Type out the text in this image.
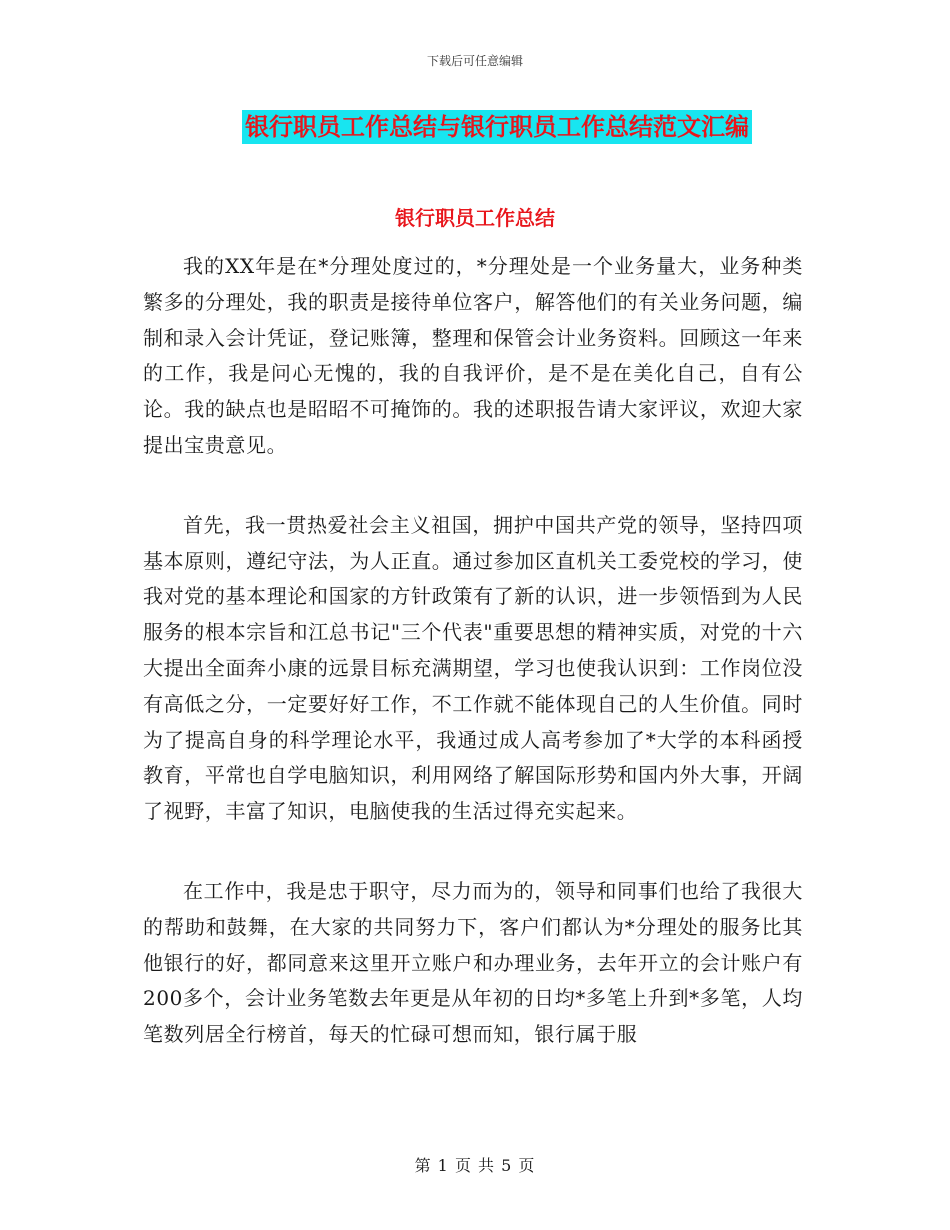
下载后可任意编辑
银行职员工作总结与银行职员工作总结范文汇编
银行职员工作总结

我的XX年是在*分理处度过的，*分理处是一个业务量大，业务种类繁多的分理处，我的职责是接待单位客户，解答他们的有关业务问题，编制和录入会计凭证，登记账簿，整理和保管会计业务资料。回顾这一年来的工作，我是问心无愧的，我的自我评价，是不是在美化自己，自有公论。我的缺点也是昭昭不可掩饰的。我的述职报告请大家评议，欢迎大家提出宝贵意见。

首先，我一贯热爱社会主义祖国，拥护中国共产党的领导，坚持四项基本原则，遵纪守法，为人正直。通过参加区直机关工委党校的学习，使我对党的基本理论和国家的方针政策有了新的认识，进一步领悟到为人民服务的根本宗旨和江总书记"三个代表"重要思想的精神实质，对党的十六大提出全面奔小康的远景目标充满期望，学习也使我认识到：工作岗位没有高低之分，一定要好好工作，不工作就不能体现自己的人生价值。同时为了提高自身的科学理论水平，我通过成人高考参加了*大学的本科函授教育，平常也自学电脑知识，利用网络了解国际形势和国内外大事，开阔了视野，丰富了知识，电脑使我的生活过得充实起来。

在工作中，我是忠于职守，尽力而为的，领导和同事们也给了我很大的帮助和鼓舞，在大家的共同努力下，客户们都认为*分理处的服务比其他银行的好，都同意来这里开立账户和办理业务，去年开立的会计账户有200多个，会计业务笔数去年更是从年初的日均*多笔上升到*多笔，人均笔数列居全行榜首，每天的忙碌可想而知，银行属于服

第 1 页 共 5 页
